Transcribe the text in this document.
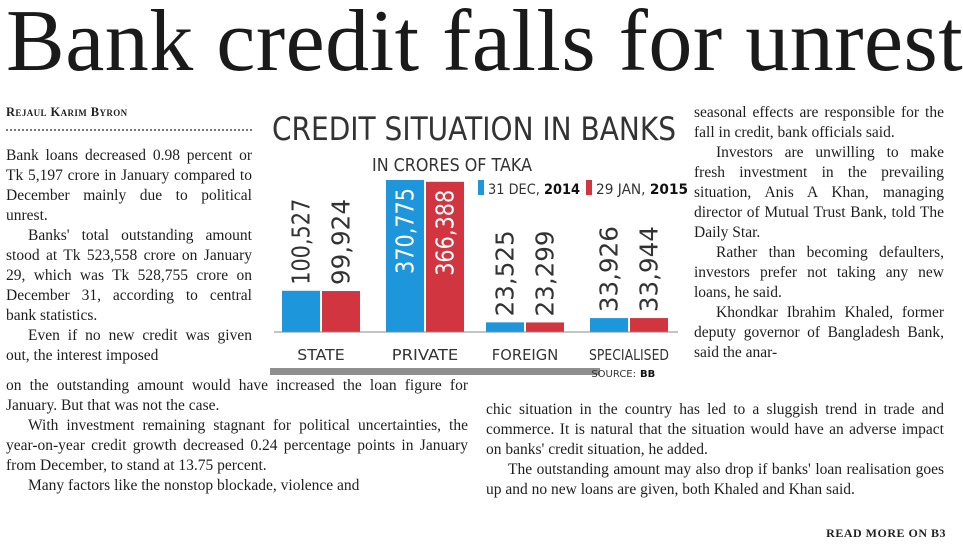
Bank credit falls for unrest
Rejaul Karim Byron

Bank loans decreased 0.98 percent or Tk 5,197 crore in January compared to December mainly due to political unrest.

Banks' total outstanding amount stood at Tk 523,558 crore on January 29, which was Tk 528,755 crore on December 31, according to central bank statistics.

Even if no new credit was given out, the interest imposed

on the outstanding amount would have increased the loan figure for January. But that was not the case.

With investment remaining stagnant for political uncertainties, the year-on-year credit growth decreased 0.24 percentage points in January from December, to stand at 13.75 percent.

Many factors like the nonstop blockade, violence and

seasonal effects are responsible for the fall in credit, bank officials said.

Investors are unwilling to make fresh investment in the prevailing situation, Anis A Khan, managing director of Mutual Trust Bank, told The Daily Star.

Rather than becoming defaulters, investors prefer not taking any new loans, he said.

Khondkar Ibrahim Khaled, former deputy governor of Bangladesh Bank, said the anar-

chic situation in the country has led to a sluggish trend in trade and commerce. It is natural that the situation would have an adverse impact on banks' credit situation, he added.

The outstanding amount may also drop if banks' loan realisation goes up and no new loans are given, both Khaled and Khan said.

READ MORE ON B3
CREDIT SITUATION IN BANKS
IN CRORES OF TAKA
31 DEC, 2014 29 JAN, 2015
100,527 99,924 370,775 366,388 23,525 23,299 33,926 33,944
STATE	PRIVATE FOREIGN SPECIALISED
SOURCE: BB
